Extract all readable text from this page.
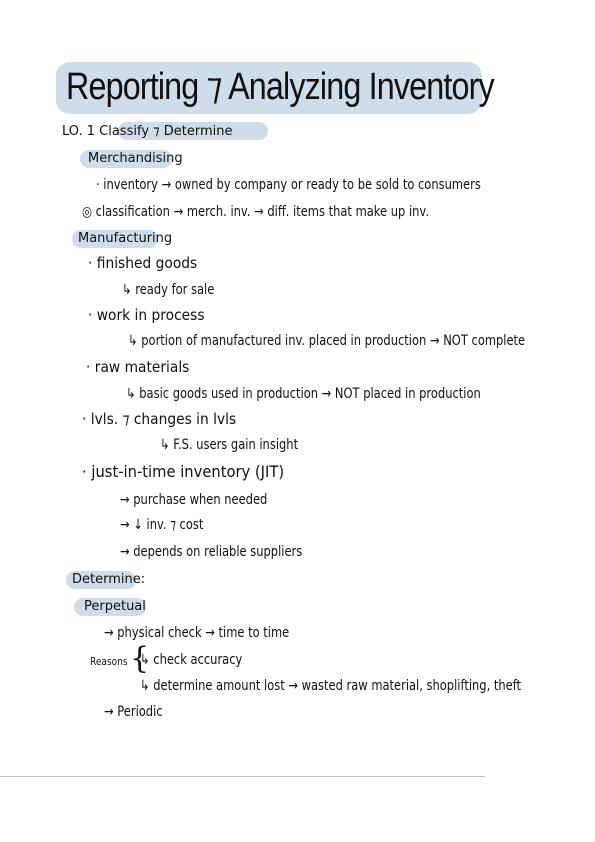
Reporting ⁊ Analyzing Inventory
LO. 1 Classify ⁊ Determine
Merchandising
· inventory → owned by company or ready to be sold to consumers
◎ classification → merch. inv. → diff. items that make up inv.
Manufacturing
· finished goods
↳ ready for sale
· work in process
↳ portion of manufactured inv. placed in production → NOT complete
· raw materials
↳ basic goods used in production → NOT placed in production
· lvls. ⁊ changes in lvls
↳ F.S. users gain insight
· just-in-time inventory (JIT)
→ purchase when needed
→ ↓ inv. ⁊ cost
→ depends on reliable suppliers
Determine:
Perpetual
→ physical check → time to time
Reasons {
↳ check accuracy
↳ determine amount lost → wasted raw material, shoplifting, theft
→ Periodic
